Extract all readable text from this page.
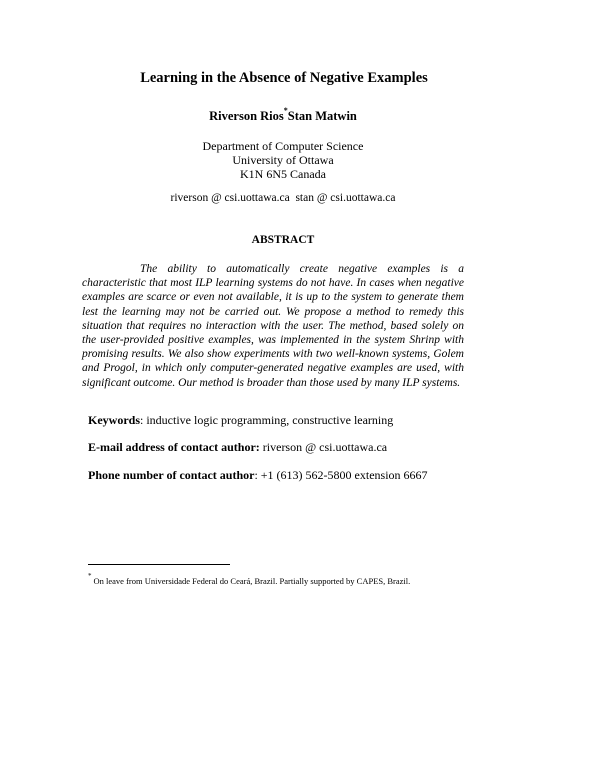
Learning in the Absence of Negative Examples
Riverson Rios*Stan Matwin
Department of Computer Science
University of Ottawa
K1N 6N5 Canada
riverson @ csi.uottawa.ca  stan @ csi.uottawa.ca
ABSTRACT
The ability to automatically create negative examples is a characteristic that most ILP learning systems do not have. In cases when negative examples are scarce or even not available, it is up to the system to generate them lest the learning may not be carried out. We propose a method to remedy this situation that requires no interaction with the user. The method, based solely on the user-provided positive examples, was implemented in the system Shrinp with promising results. We also show experiments with two well-known systems, Golem and Progol, in which only computer-generated negative examples are used, with significant outcome. Our method is broader than those used by many ILP systems.
Keywords: inductive logic programming, constructive learning
E-mail address of contact author: riverson @ csi.uottawa.ca
Phone number of contact author: +1 (613) 562-5800 extension 6667
* On leave from Universidade Federal do Ceará, Brazil. Partially supported by CAPES, Brazil.
